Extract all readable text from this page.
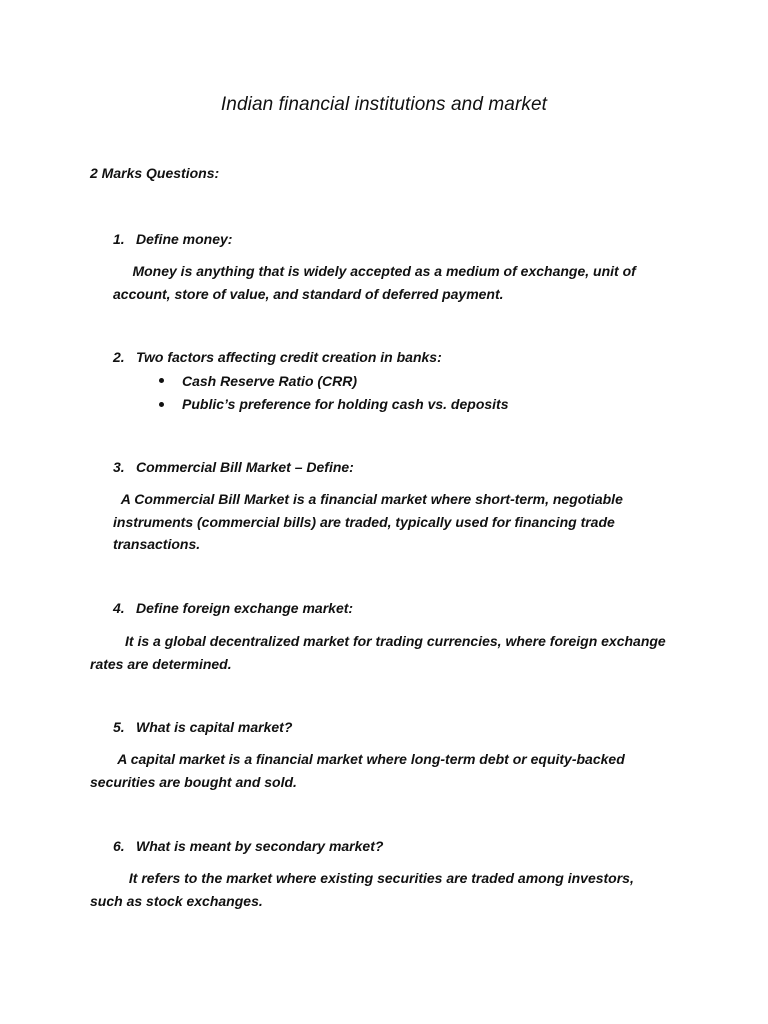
Indian financial institutions and market
2 Marks Questions:
1. Define money:

Money is anything that is widely accepted as a medium of exchange, unit of account, store of value, and standard of deferred payment.

2. Two factors affecting credit creation in banks:
Cash Reserve Ratio (CRR)
Public’s preference for holding cash vs. deposits
3. Commercial Bill Market – Define:

A Commercial Bill Market is a financial market where short-term, negotiable instruments (commercial bills) are traded, typically used for financing trade transactions.

4. Define foreign exchange market:

It is a global decentralized market for trading currencies, where foreign exchange rates are determined.

5. What is capital market?

A capital market is a financial market where long-term debt or equity-backed securities are bought and sold.

6. What is meant by secondary market?

It refers to the market where existing securities are traded among investors, such as stock exchanges.
